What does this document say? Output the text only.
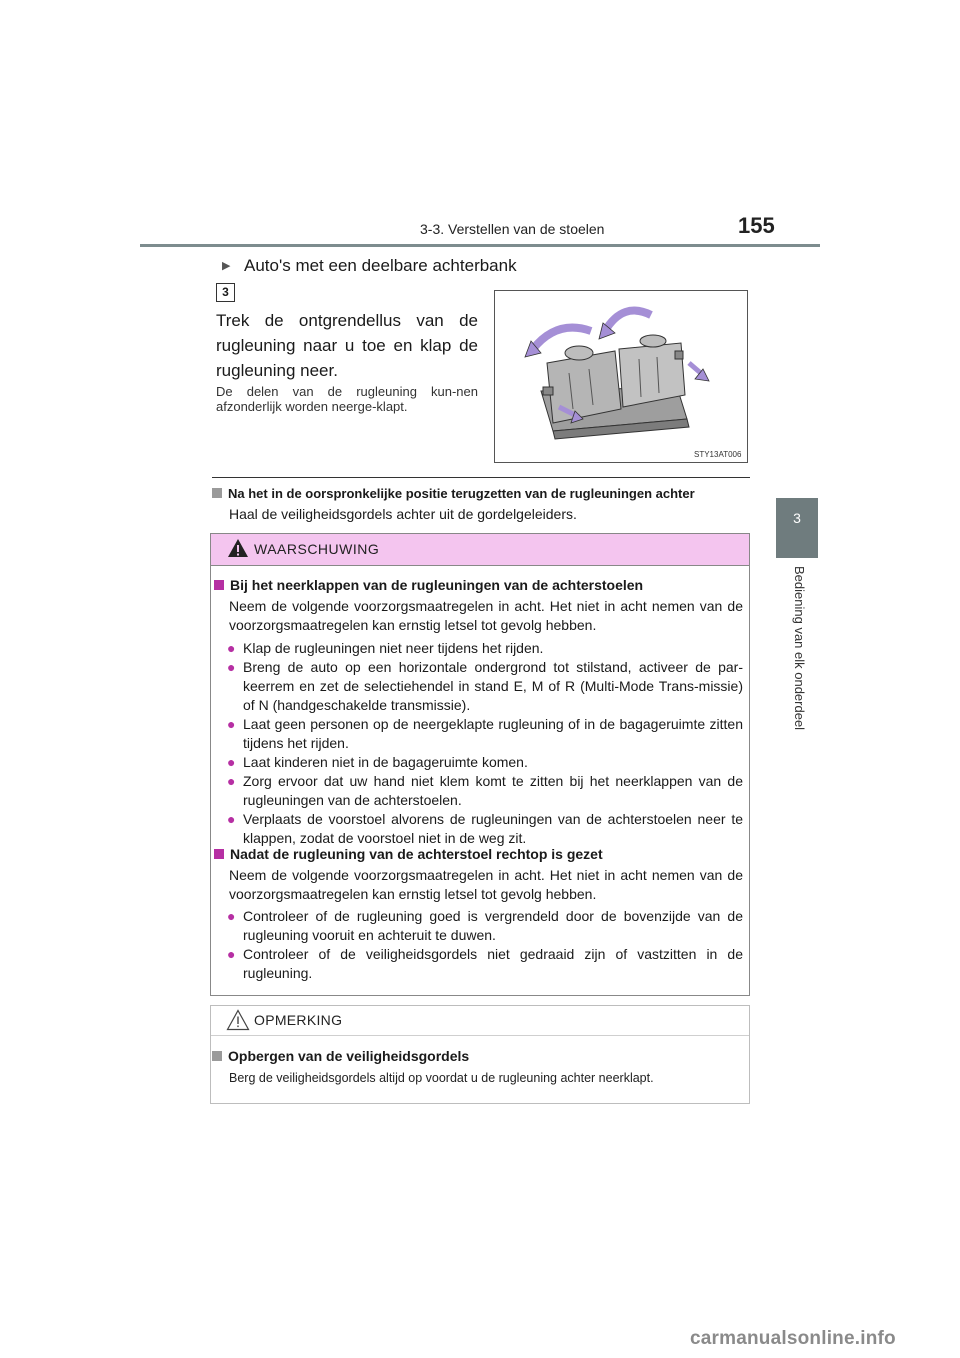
3-3. Verstellen van de stoelen	155
3
Bediening van elk onderdeel
▶ Auto's met een deelbare achterbank
3
Trek de ontgrendellus van de rugleuning naar u toe en klap de rugleuning neer.
De delen van de rugleuning kun-nen afzonderlijk worden neerge-klapt.
STY13AT006
Na het in de oorspronkelijke positie terugzetten van de rugleuningen achter
Haal de veiligheidsgordels achter uit de gordelgeleiders.
WAARSCHUWING
Bij het neerklappen van de rugleuningen van de achterstoelen
Neem de volgende voorzorgsmaatregelen in acht. Het niet in acht nemen van de voorzorgsmaatregelen kan ernstig letsel tot gevolg hebben.
● Klap de rugleuningen niet neer tijdens het rijden.
● Breng de auto op een horizontale ondergrond tot stilstand, activeer de par-keerrem en zet de selectiehendel in stand E, M of R (Multi-Mode Trans-missie) of N (handgeschakelde transmissie).
● Laat geen personen op de neergeklapte rugleuning of in de bagageruimte zitten tijdens het rijden.
● Laat kinderen niet in de bagageruimte komen.
● Zorg ervoor dat uw hand niet klem komt te zitten bij het neerklappen van de rugleuningen van de achterstoelen.
● Verplaats de voorstoel alvorens de rugleuningen van de achterstoelen neer te klappen, zodat de voorstoel niet in de weg zit.
Nadat de rugleuning van de achterstoel rechtop is gezet
Neem de volgende voorzorgsmaatregelen in acht. Het niet in acht nemen van de voorzorgsmaatregelen kan ernstig letsel tot gevolg hebben.
● Controleer of de rugleuning goed is vergrendeld door de bovenzijde van de rugleuning vooruit en achteruit te duwen.
● Controleer of de veiligheidsgordels niet gedraaid zijn of vastzitten in de rugleuning.
OPMERKING
Opbergen van de veiligheidsgordels
Berg de veiligheidsgordels altijd op voordat u de rugleuning achter neerklapt.
carmanualsonline.info
